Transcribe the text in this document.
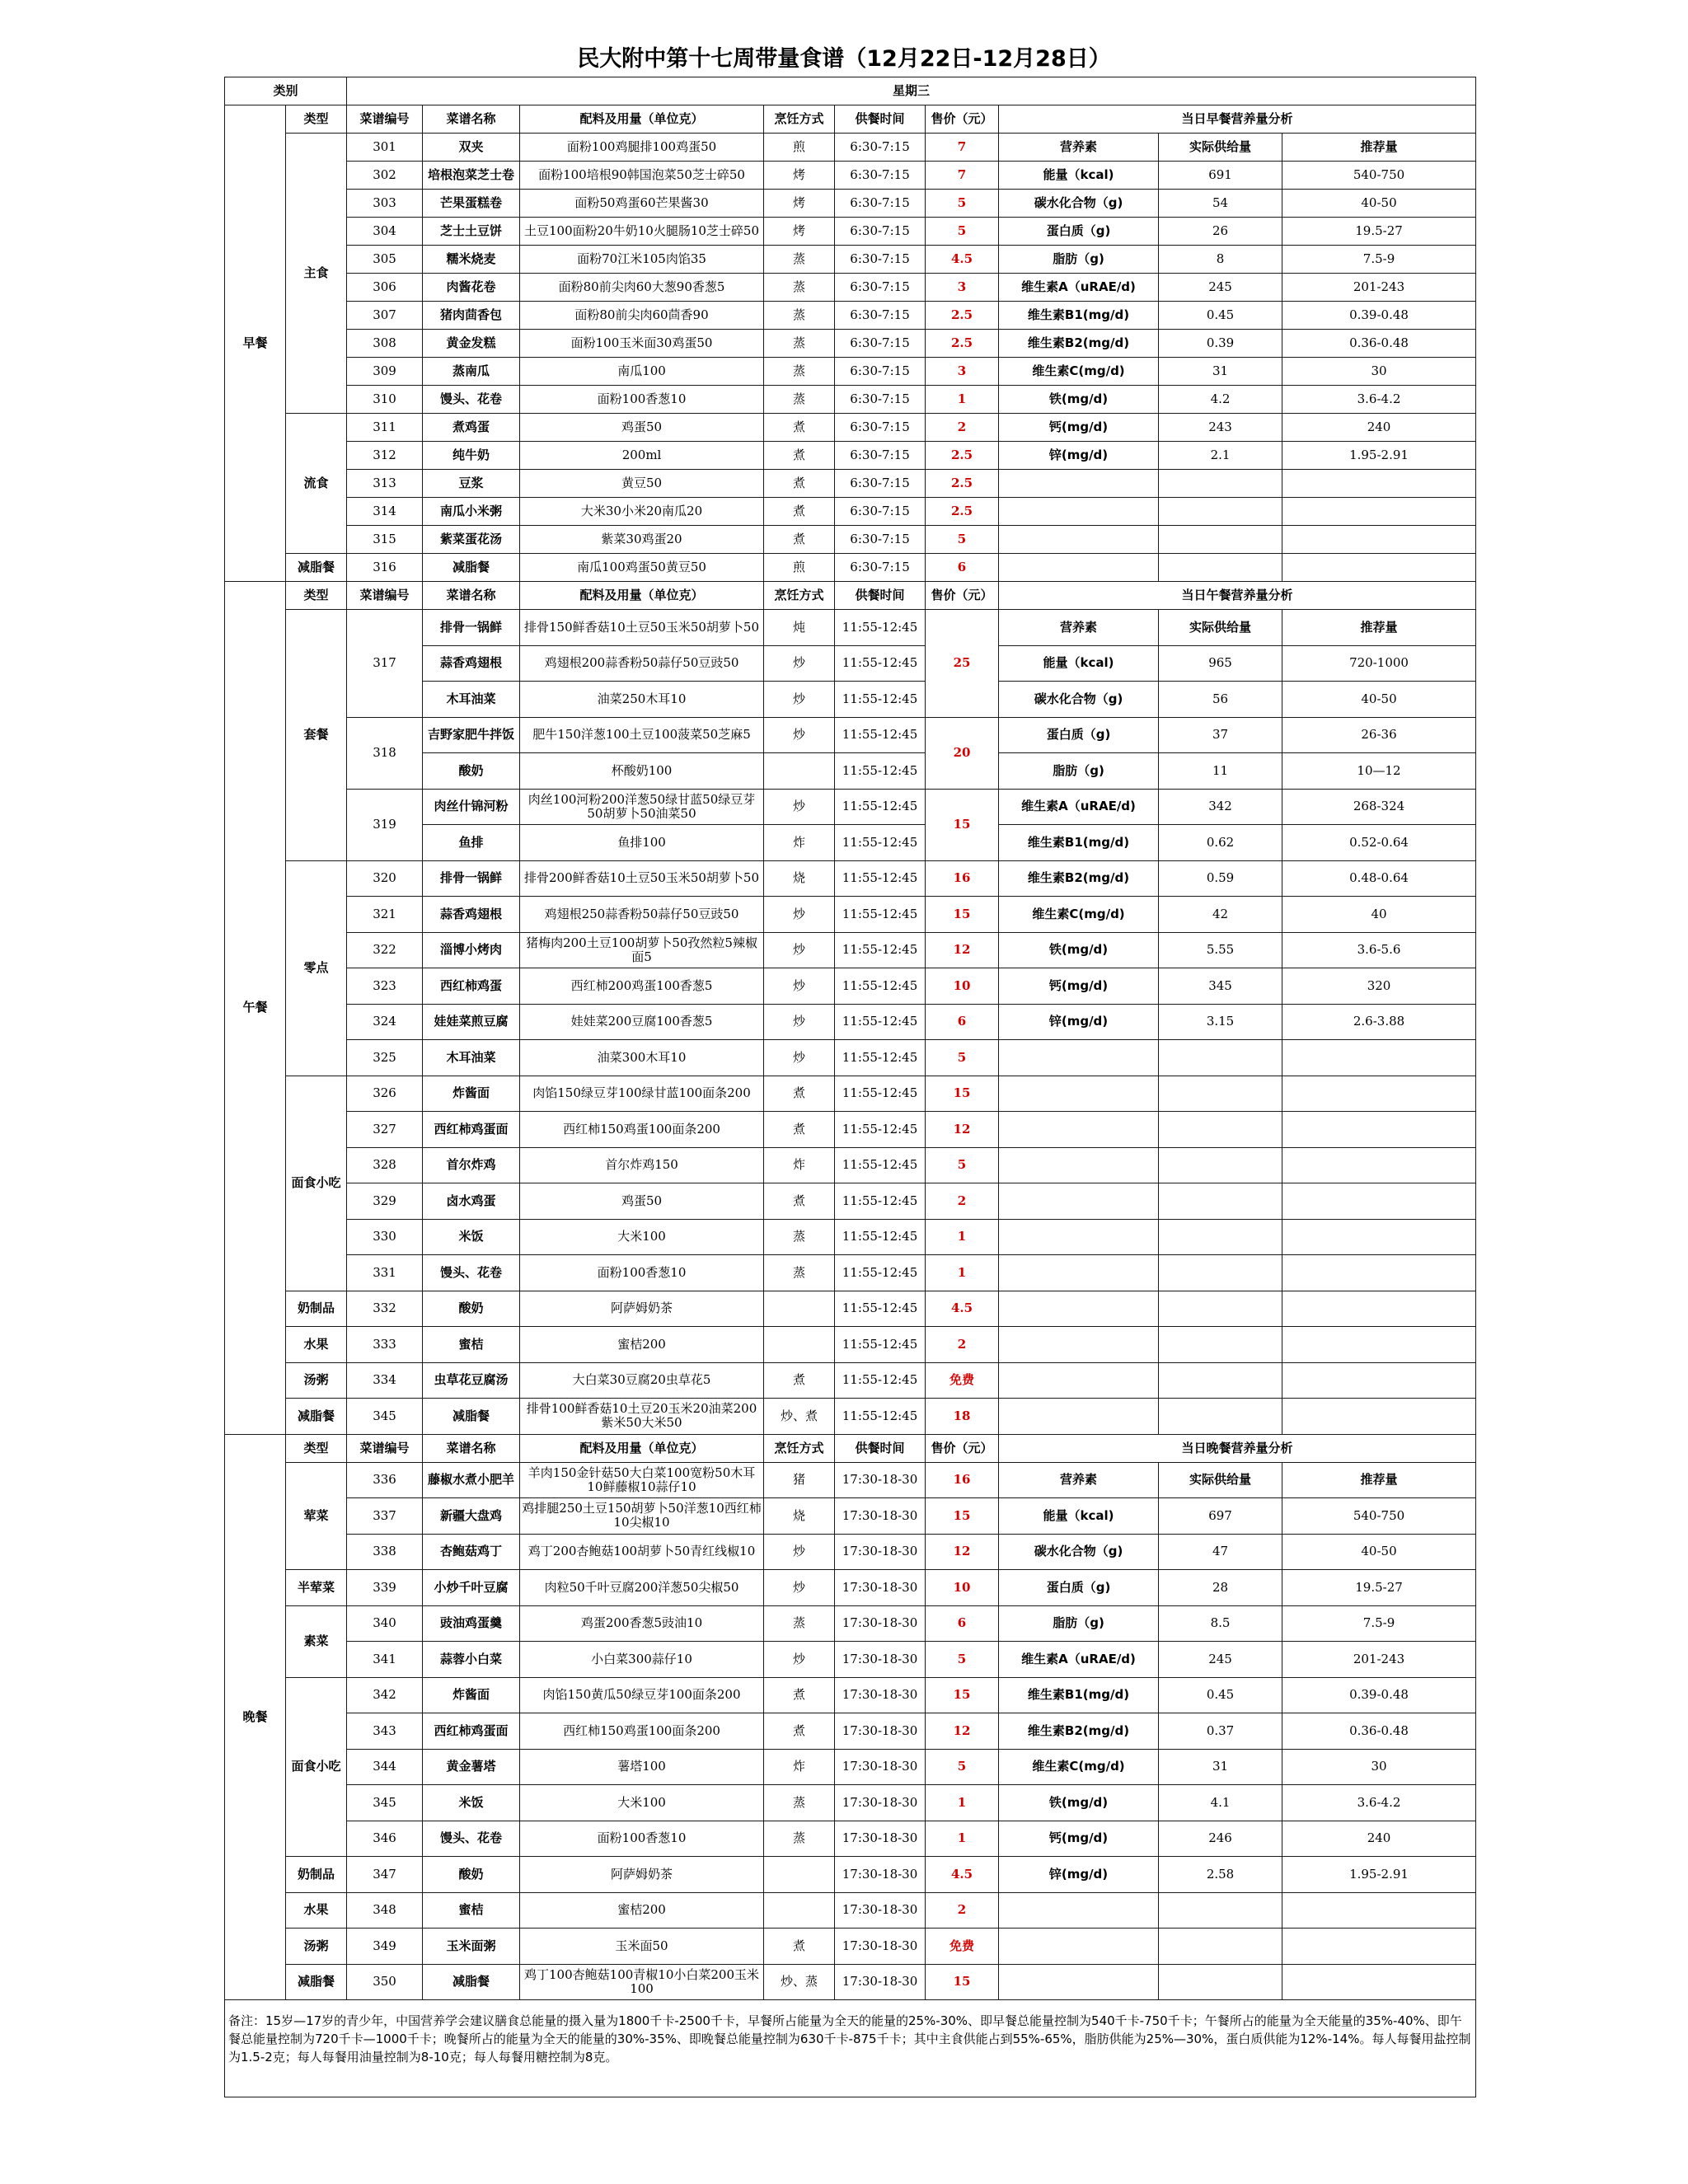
民大附中第十七周带量食谱（12月22日-12月28日）
类别		星期三								
早餐	类型	菜谱编号	菜谱名称	配料及用量（单位克）	烹饪方式	供餐时间	售价（元）	当日早餐营养量分析		
	主食	301	双夹	面粉100鸡腿排100鸡蛋50	煎	6:30-7:15	7	营养素	实际供给量	推荐量
		302	培根泡菜芝士卷	面粉100培根90韩国泡菜50芝士碎50	烤	6:30-7:15	7	能量（kcal)	691	540-750
		303	芒果蛋糕卷	面粉50鸡蛋60芒果酱30	烤	6:30-7:15	5	碳水化合物（g)	54	40-50
		304	芝士土豆饼	土豆100面粉20牛奶10火腿肠10芝士碎50	烤	6:30-7:15	5	蛋白质（g)	26	19.5-27
		305	糯米烧麦	面粉70江米105肉馅35	蒸	6:30-7:15	4.5	脂肪（g)	8	7.5-9
		306	肉酱花卷	面粉80前尖肉60大葱90香葱5	蒸	6:30-7:15	3	维生素A（uRAE/d)	245	201-243
		307	猪肉茴香包	面粉80前尖肉60茴香90	蒸	6:30-7:15	2.5	维生素B1(mg/d)	0.45	0.39-0.48
		308	黄金发糕	面粉100玉米面30鸡蛋50	蒸	6:30-7:15	2.5	维生素B2(mg/d)	0.39	0.36-0.48
		309	蒸南瓜	南瓜100	蒸	6:30-7:15	3	维生素C(mg/d)	31	30
		310	馒头、花卷	面粉100香葱10	蒸	6:30-7:15	1	铁(mg/d)	4.2	3.6-4.2
	流食	311	煮鸡蛋	鸡蛋50	煮	6:30-7:15	2	钙(mg/d)	243	240
		312	纯牛奶	200ml	煮	6:30-7:15	2.5	锌(mg/d)	2.1	1.95-2.91
		313	豆浆	黄豆50	煮	6:30-7:15	2.5			
		314	南瓜小米粥	大米30小米20南瓜20	煮	6:30-7:15	2.5			
		315	紫菜蛋花汤	紫菜30鸡蛋20	煮	6:30-7:15	5			
	减脂餐	316	减脂餐	南瓜100鸡蛋50黄豆50	煎	6:30-7:15	6			
午餐	类型	菜谱编号	菜谱名称	配料及用量（单位克）	烹饪方式	供餐时间	售价（元）	当日午餐营养量分析		
	套餐	317	排骨一锅鲜	排骨150鲜香菇10土豆50玉米50胡萝卜50	炖	11:55-12:45	25	营养素	实际供给量	推荐量
			蒜香鸡翅根	鸡翅根200蒜香粉50蒜仔50豆豉50	炒	11:55-12:45		能量（kcal)	965	720-1000
			木耳油菜	油菜250木耳10	炒	11:55-12:45		碳水化合物（g)	56	40-50
		318	吉野家肥牛拌饭	肥牛150洋葱100土豆100菠菜50芝麻5	炒	11:55-12:45	20	蛋白质（g)	37	26-36
			酸奶	杯酸奶100		11:55-12:45		脂肪（g)	11	10—12
		319	肉丝什锦河粉	肉丝100河粉200洋葱50绿甘蓝50绿豆芽50胡萝卜50油菜50	炒	11:55-12:45	15	维生素A（uRAE/d)	342	268-324
			鱼排	鱼排100	炸	11:55-12:45		维生素B1(mg/d)	0.62	0.52-0.64
	零点	320	排骨一锅鲜	排骨200鲜香菇10土豆50玉米50胡萝卜50	烧	11:55-12:45	16	维生素B2(mg/d)	0.59	0.48-0.64
		321	蒜香鸡翅根	鸡翅根250蒜香粉50蒜仔50豆豉50	炒	11:55-12:45	15	维生素C(mg/d)	42	40
		322	淄博小烤肉	猪梅肉200土豆100胡萝卜50孜然粒5辣椒面5	炒	11:55-12:45	12	铁(mg/d)	5.55	3.6-5.6
		323	西红柿鸡蛋	西红柿200鸡蛋100香葱5	炒	11:55-12:45	10	钙(mg/d)	345	320
		324	娃娃菜煎豆腐	娃娃菜200豆腐100香葱5	炒	11:55-12:45	6	锌(mg/d)	3.15	2.6-3.88
		325	木耳油菜	油菜300木耳10	炒	11:55-12:45	5			
	面食小吃	326	炸酱面	肉馅150绿豆芽100绿甘蓝100面条200	煮	11:55-12:45	15			
		327	西红柿鸡蛋面	西红柿150鸡蛋100面条200	煮	11:55-12:45	12			
		328	首尔炸鸡	首尔炸鸡150	炸	11:55-12:45	5			
		329	卤水鸡蛋	鸡蛋50	煮	11:55-12:45	2			
		330	米饭	大米100	蒸	11:55-12:45	1			
		331	馒头、花卷	面粉100香葱10	蒸	11:55-12:45	1			
	奶制品	332	酸奶	阿萨姆奶茶		11:55-12:45	4.5			
	水果	333	蜜桔	蜜桔200		11:55-12:45	2			
	汤粥	334	虫草花豆腐汤	大白菜30豆腐20虫草花5	煮	11:55-12:45	免费			
	减脂餐	345	减脂餐	排骨100鲜香菇10土豆20玉米20油菜200紫米50大米50	炒、煮	11:55-12:45	18			
晚餐	类型	菜谱编号	菜谱名称	配料及用量（单位克）	烹饪方式	供餐时间	售价（元）	当日晚餐营养量分析		
	荤菜	336	藤椒水煮小肥羊	羊肉150金针菇50大白菜100宽粉50木耳10鲜藤椒10蒜仔10	猪	17:30-18-30	16	营养素	实际供给量	推荐量
		337	新疆大盘鸡	鸡排腿250土豆150胡萝卜50洋葱10西红柿10尖椒10	烧	17:30-18-30	15	能量（kcal)	697	540-750
		338	杏鲍菇鸡丁	鸡丁200杏鲍菇100胡萝卜50青红线椒10	炒	17:30-18-30	12	碳水化合物（g)	47	40-50
	半荤菜	339	小炒千叶豆腐	肉粒50千叶豆腐200洋葱50尖椒50	炒	17:30-18-30	10	蛋白质（g)	28	19.5-27
	素菜	340	豉油鸡蛋羹	鸡蛋200香葱5豉油10	蒸	17:30-18-30	6	脂肪（g)	8.5	7.5-9
		341	蒜蓉小白菜	小白菜300蒜仔10	炒	17:30-18-30	5	维生素A（uRAE/d)	245	201-243
	面食小吃	342	炸酱面	肉馅150黄瓜50绿豆芽100面条200	煮	17:30-18-30	15	维生素B1(mg/d)	0.45	0.39-0.48
		343	西红柿鸡蛋面	西红柿150鸡蛋100面条200	煮	17:30-18-30	12	维生素B2(mg/d)	0.37	0.36-0.48
		344	黄金薯塔	薯塔100	炸	17:30-18-30	5	维生素C(mg/d)	31	30
		345	米饭	大米100	蒸	17:30-18-30	1	铁(mg/d)	4.1	3.6-4.2
		346	馒头、花卷	面粉100香葱10	蒸	17:30-18-30	1	钙(mg/d)	246	240
	奶制品	347	酸奶	阿萨姆奶茶		17:30-18-30	4.5	锌(mg/d)	2.58	1.95-2.91
	水果	348	蜜桔	蜜桔200		17:30-18-30	2			
	汤粥	349	玉米面粥	玉米面50	煮	17:30-18-30	免费			
	减脂餐	350	减脂餐	鸡丁100杏鲍菇100青椒10小白菜200玉米100	炒、蒸	17:30-18-30	15			
备注：15岁—17岁的青少年，中国营养学会建议膳食总能量的摄入量为1800千卡-2500千卡，早餐所占能量为全天的能量的25%-30%、即早餐总能量控制为540千卡-750千卡；午餐所占的能量为全天能量的35%-40%、即午餐总能量控制为720千卡—1000千卡；晚餐所占的能量为全天的能量的30%-35%、即晚餐总能量控制为630千卡-875千卡；其中主食供能占到55%-65%，脂肪供能为25%—30%，蛋白质供能为12%-14%。每人每餐用盐控制为1.5-2克；每人每餐用油量控制为8-10克；每人每餐用糖控制为8克。										
